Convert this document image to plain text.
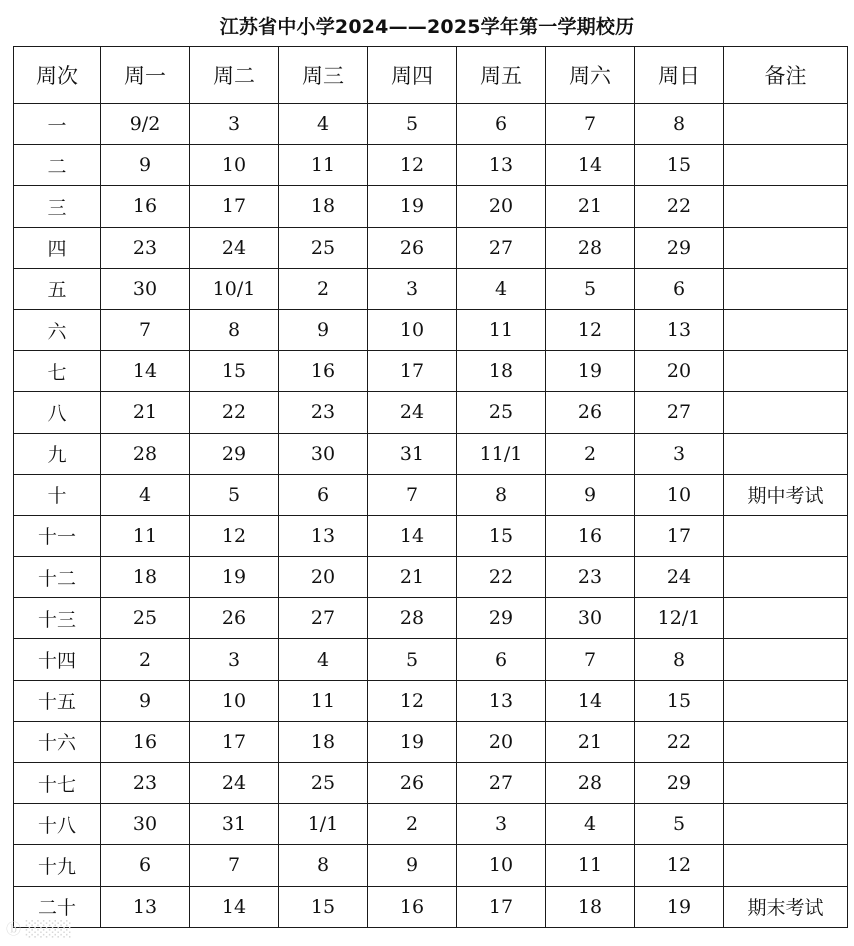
江苏省中小学2024——2025学年第一学期校历
周次	周一	周二	周三	周四	周五	周六	周日	备注
一	9/2	3	4	5	6	7	8	
二	9	10	11	12	13	14	15	
三	16	17	18	19	20	21	22	
四	23	24	25	26	27	28	29	
五	30	10/1	2	3	4	5	6	
六	7	8	9	10	11	12	13	
七	14	15	16	17	18	19	20	
八	21	22	23	24	25	26	27	
九	28	29	30	31	11/1	2	3	
十	4	5	6	7	8	9	10	期中考试
十一	11	12	13	14	15	16	17	
十二	18	19	20	21	22	23	24	
十三	25	26	27	28	29	30	12/1	
十四	2	3	4	5	6	7	8	
十五	9	10	11	12	13	14	15	
十六	16	17	18	19	20	21	22	
十七	23	24	25	26	27	28	29	
十八	30	31	1/1	2	3	4	5	
十九	6	7	8	9	10	11	12	
二十	13	14	15	16	17	18	19	期末考试
ⓑ ░░░░
